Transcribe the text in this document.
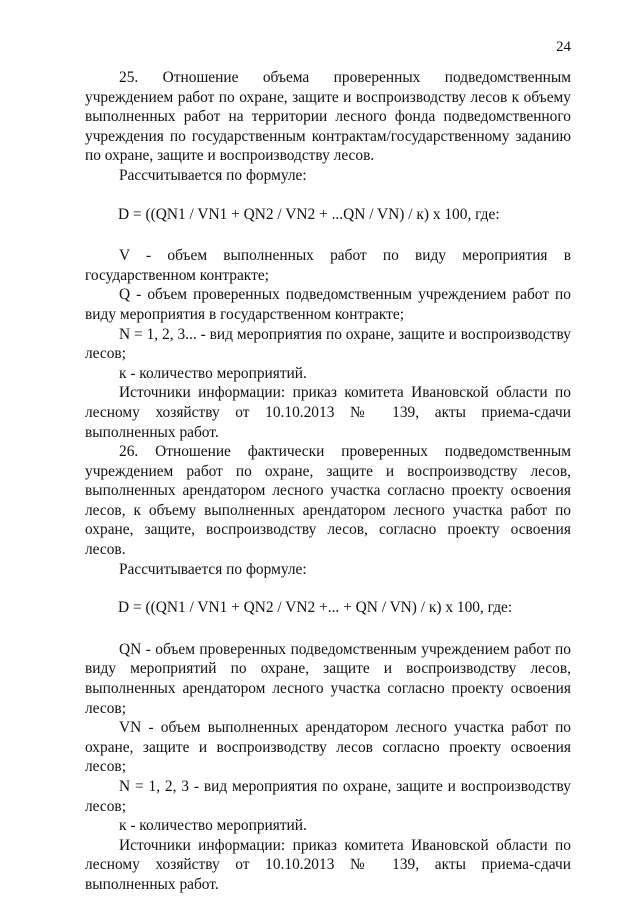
24

25. Отношение объема проверенных подведомственным учреждением работ по охране, защите и воспроизводству лесов к объему выполненных работ на территории лесного фонда подведомственного учреждения по государственным контрактам/государственному заданию по охране, защите и воспроизводству лесов.

Рассчитывается по формуле:

D = ((QN1 / VN1 + QN2 / VN2 + ...QN / VN) / к) х 100, где:

V - объем выполненных работ по виду мероприятия в государственном контракте;

Q - объем проверенных подведомственным учреждением работ по виду мероприятия в государственном контракте;

N = 1, 2, 3... - вид мероприятия по охране, защите и воспроизводству лесов;

к - количество мероприятий.

Источники информации: приказ комитета Ивановской области по лесному хозяйству от 10.10.2013 № 139, акты приема-сдачи выполненных работ.

26. Отношение фактически проверенных подведомственным учреждением работ по охране, защите и воспроизводству лесов, выполненных арендатором лесного участка согласно проекту освоения лесов, к объему выполненных арендатором лесного участка работ по охране, защите, воспроизводству лесов, согласно проекту освоения лесов.

Рассчитывается по формуле:

D = ((QN1 / VN1 + QN2 / VN2 +... + QN / VN) / к) х 100, где:

QN - объем проверенных подведомственным учреждением работ по виду мероприятий по охране, защите и воспроизводству лесов, выполненных арендатором лесного участка согласно проекту освоения лесов;

VN - объем выполненных арендатором лесного участка работ по охране, защите и воспроизводству лесов согласно проекту освоения лесов;

N = 1, 2, 3 - вид мероприятия по охране, защите и воспроизводству лесов;

к - количество мероприятий.

Источники информации: приказ комитета Ивановской области по лесному хозяйству от 10.10.2013 № 139, акты приема-сдачи выполненных работ.
